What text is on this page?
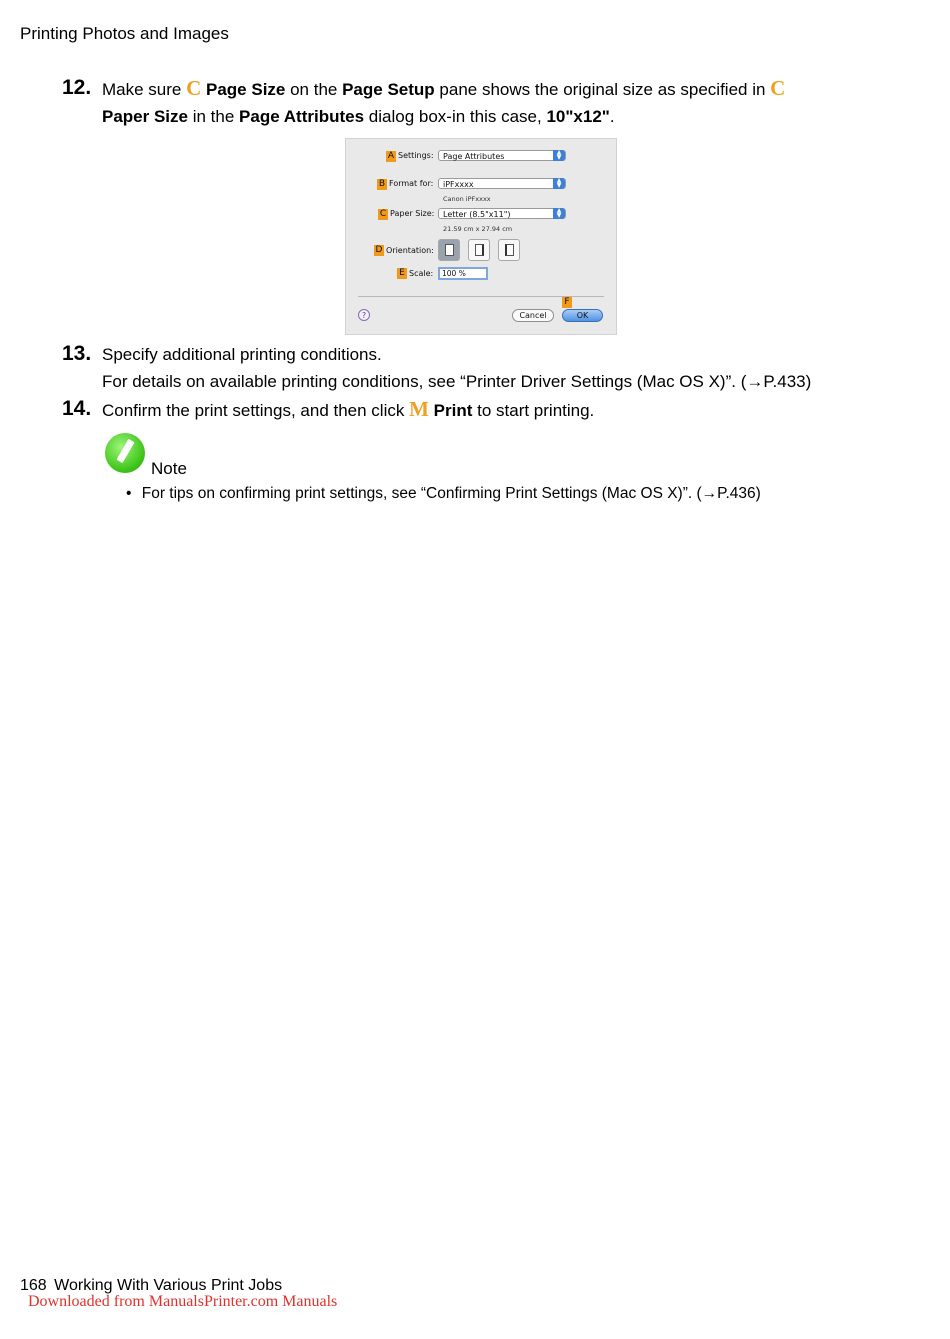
Printing Photos and Images
12. Make sure C Page Size on the Page Setup pane shows the original size as specified in C
Paper Size in the Page Attributes dialog box-in this case, 10"x12".
A Settings:	Page Attributes	▲
▼
B Format for:	iPFxxxx	▲
▼
Canon iPFxxxx
C Paper Size:	Letter (8.5"x11")	▲
▼
21.59 cm x 27.94 cm
D Orientation:
E Scale:	100 %
F
?	Cancel	OK
13. Specify additional printing conditions.
For details on available printing conditions, see “Printer Driver Settings (Mac OS X)”. (→P.433)
14. Confirm the print settings, and then click M Print to start printing.
Note
• For tips on confirming print settings, see “Confirming Print Settings (Mac OS X)”. (→P.436)
168 Working With Various Print Jobs
Downloaded from ManualsPrinter.com Manuals
